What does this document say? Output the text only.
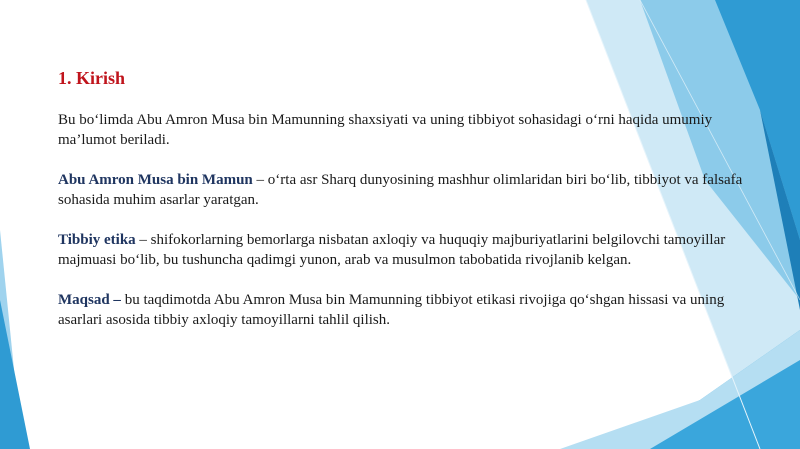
1. Kirish

Bu bo‘limda Abu Amron Musa bin Mamunning shaxsiyati va uning tibbiyot sohasidagi o‘rni haqida umumiy ma’lumot beriladi.

Abu Amron Musa bin Mamun – o‘rta asr Sharq dunyosining mashhur olimlaridan biri bo‘lib, tibbiyot va falsafa sohasida muhim asarlar yaratgan.

Tibbiy etika – shifokorlarning bemorlarga nisbatan axloqiy va huquqiy majburiyatlarini belgilovchi tamoyillar majmuasi bo‘lib, bu tushuncha qadimgi yunon, arab va musulmon tabobatida rivojlanib kelgan.

Maqsad – bu taqdimotda Abu Amron Musa bin Mamunning tibbiyot etikasi rivojiga qo‘shgan hissasi va uning asarlari asosida tibbiy axloqiy tamoyillarni tahlil qilish.
